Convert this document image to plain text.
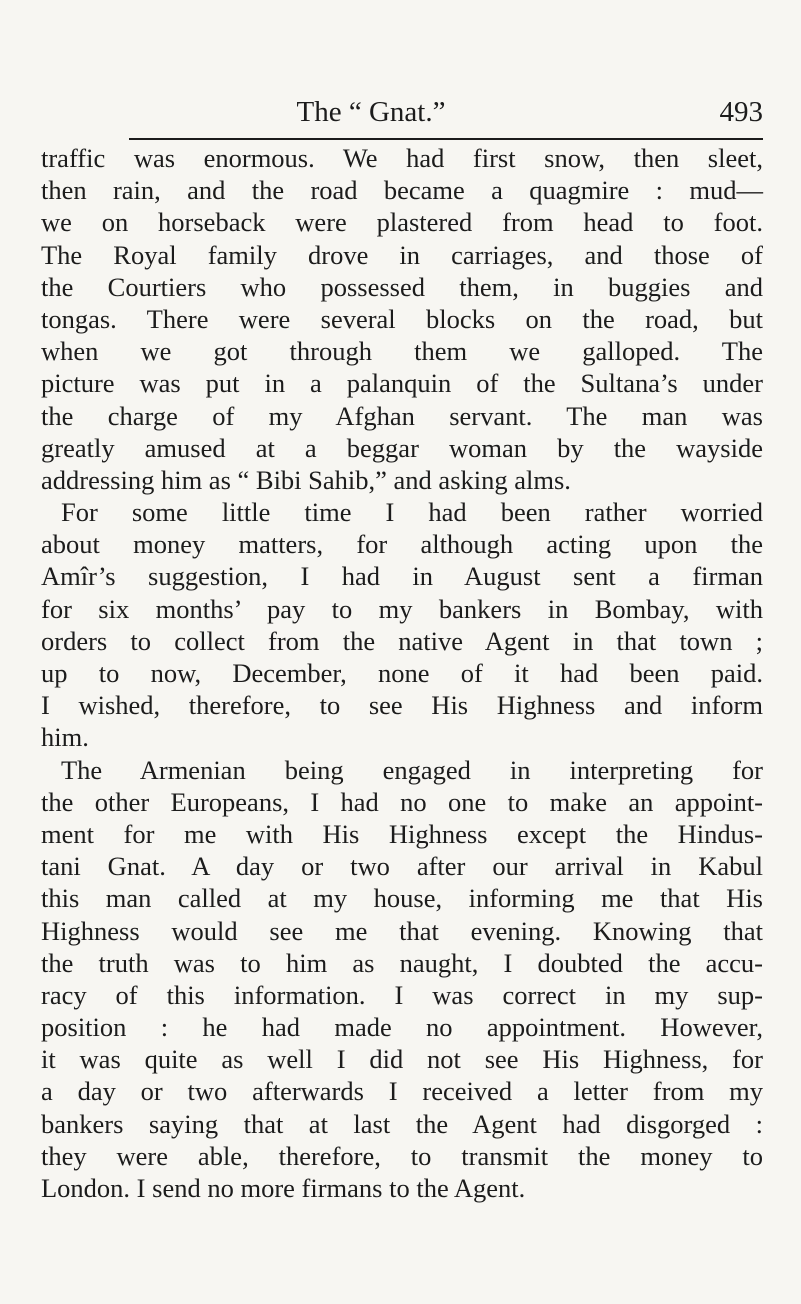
The “ Gnat.”	493
traffic was enormous. We had first snow, then sleet,
then rain, and the road became a quagmire : mud—
we on horseback were plastered from head to foot.
The Royal family drove in carriages, and those of
the Courtiers who possessed them, in buggies and
tongas. There were several blocks on the road, but
when we got through them we galloped. The
picture was put in a palanquin of the Sultana’s under
the charge of my Afghan servant. The man was
greatly amused at a beggar woman by the wayside
addressing him as “ Bibi Sahib,” and asking alms.
For some little time I had been rather worried
about money matters, for although acting upon the
Amîr’s suggestion, I had in August sent a firman
for six months’ pay to my bankers in Bombay, with
orders to collect from the native Agent in that town ;
up to now, December, none of it had been paid.
I wished, therefore, to see His Highness and inform
him.
The Armenian being engaged in interpreting for
the other Europeans, I had no one to make an appoint-
ment for me with His Highness except the Hindus-
tani Gnat. A day or two after our arrival in Kabul
this man called at my house, informing me that His
Highness would see me that evening. Knowing that
the truth was to him as naught, I doubted the accu-
racy of this information. I was correct in my sup-
position : he had made no appointment. However,
it was quite as well I did not see His Highness, for
a day or two afterwards I received a letter from my
bankers saying that at last the Agent had disgorged :
they were able, therefore, to transmit the money to
London. I send no more firmans to the Agent.
